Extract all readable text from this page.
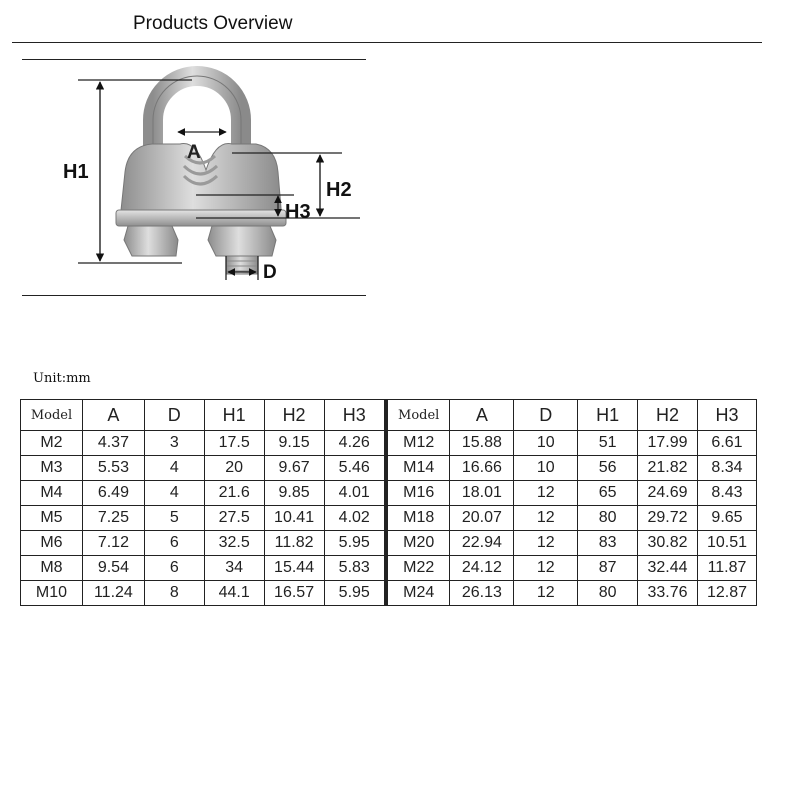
Products Overview
H1
A
H2
H3
D
Unit:mm
Model	A	D	H1	H2	H3	Model	A	D	H1	H2	H3
M2	4.37	3	17.5	9.15	4.26	M12	15.88	10	51	17.99	6.61
M3	5.53	4	20	9.67	5.46	M14	16.66	10	56	21.82	8.34
M4	6.49	4	21.6	9.85	4.01	M16	18.01	12	65	24.69	8.43
M5	7.25	5	27.5	10.41	4.02	M18	20.07	12	80	29.72	9.65
M6	7.12	6	32.5	11.82	5.95	M20	22.94	12	83	30.82	10.51
M8	9.54	6	34	15.44	5.83	M22	24.12	12	87	32.44	11.87
M10	11.24	8	44.1	16.57	5.95	M24	26.13	12	80	33.76	12.87
